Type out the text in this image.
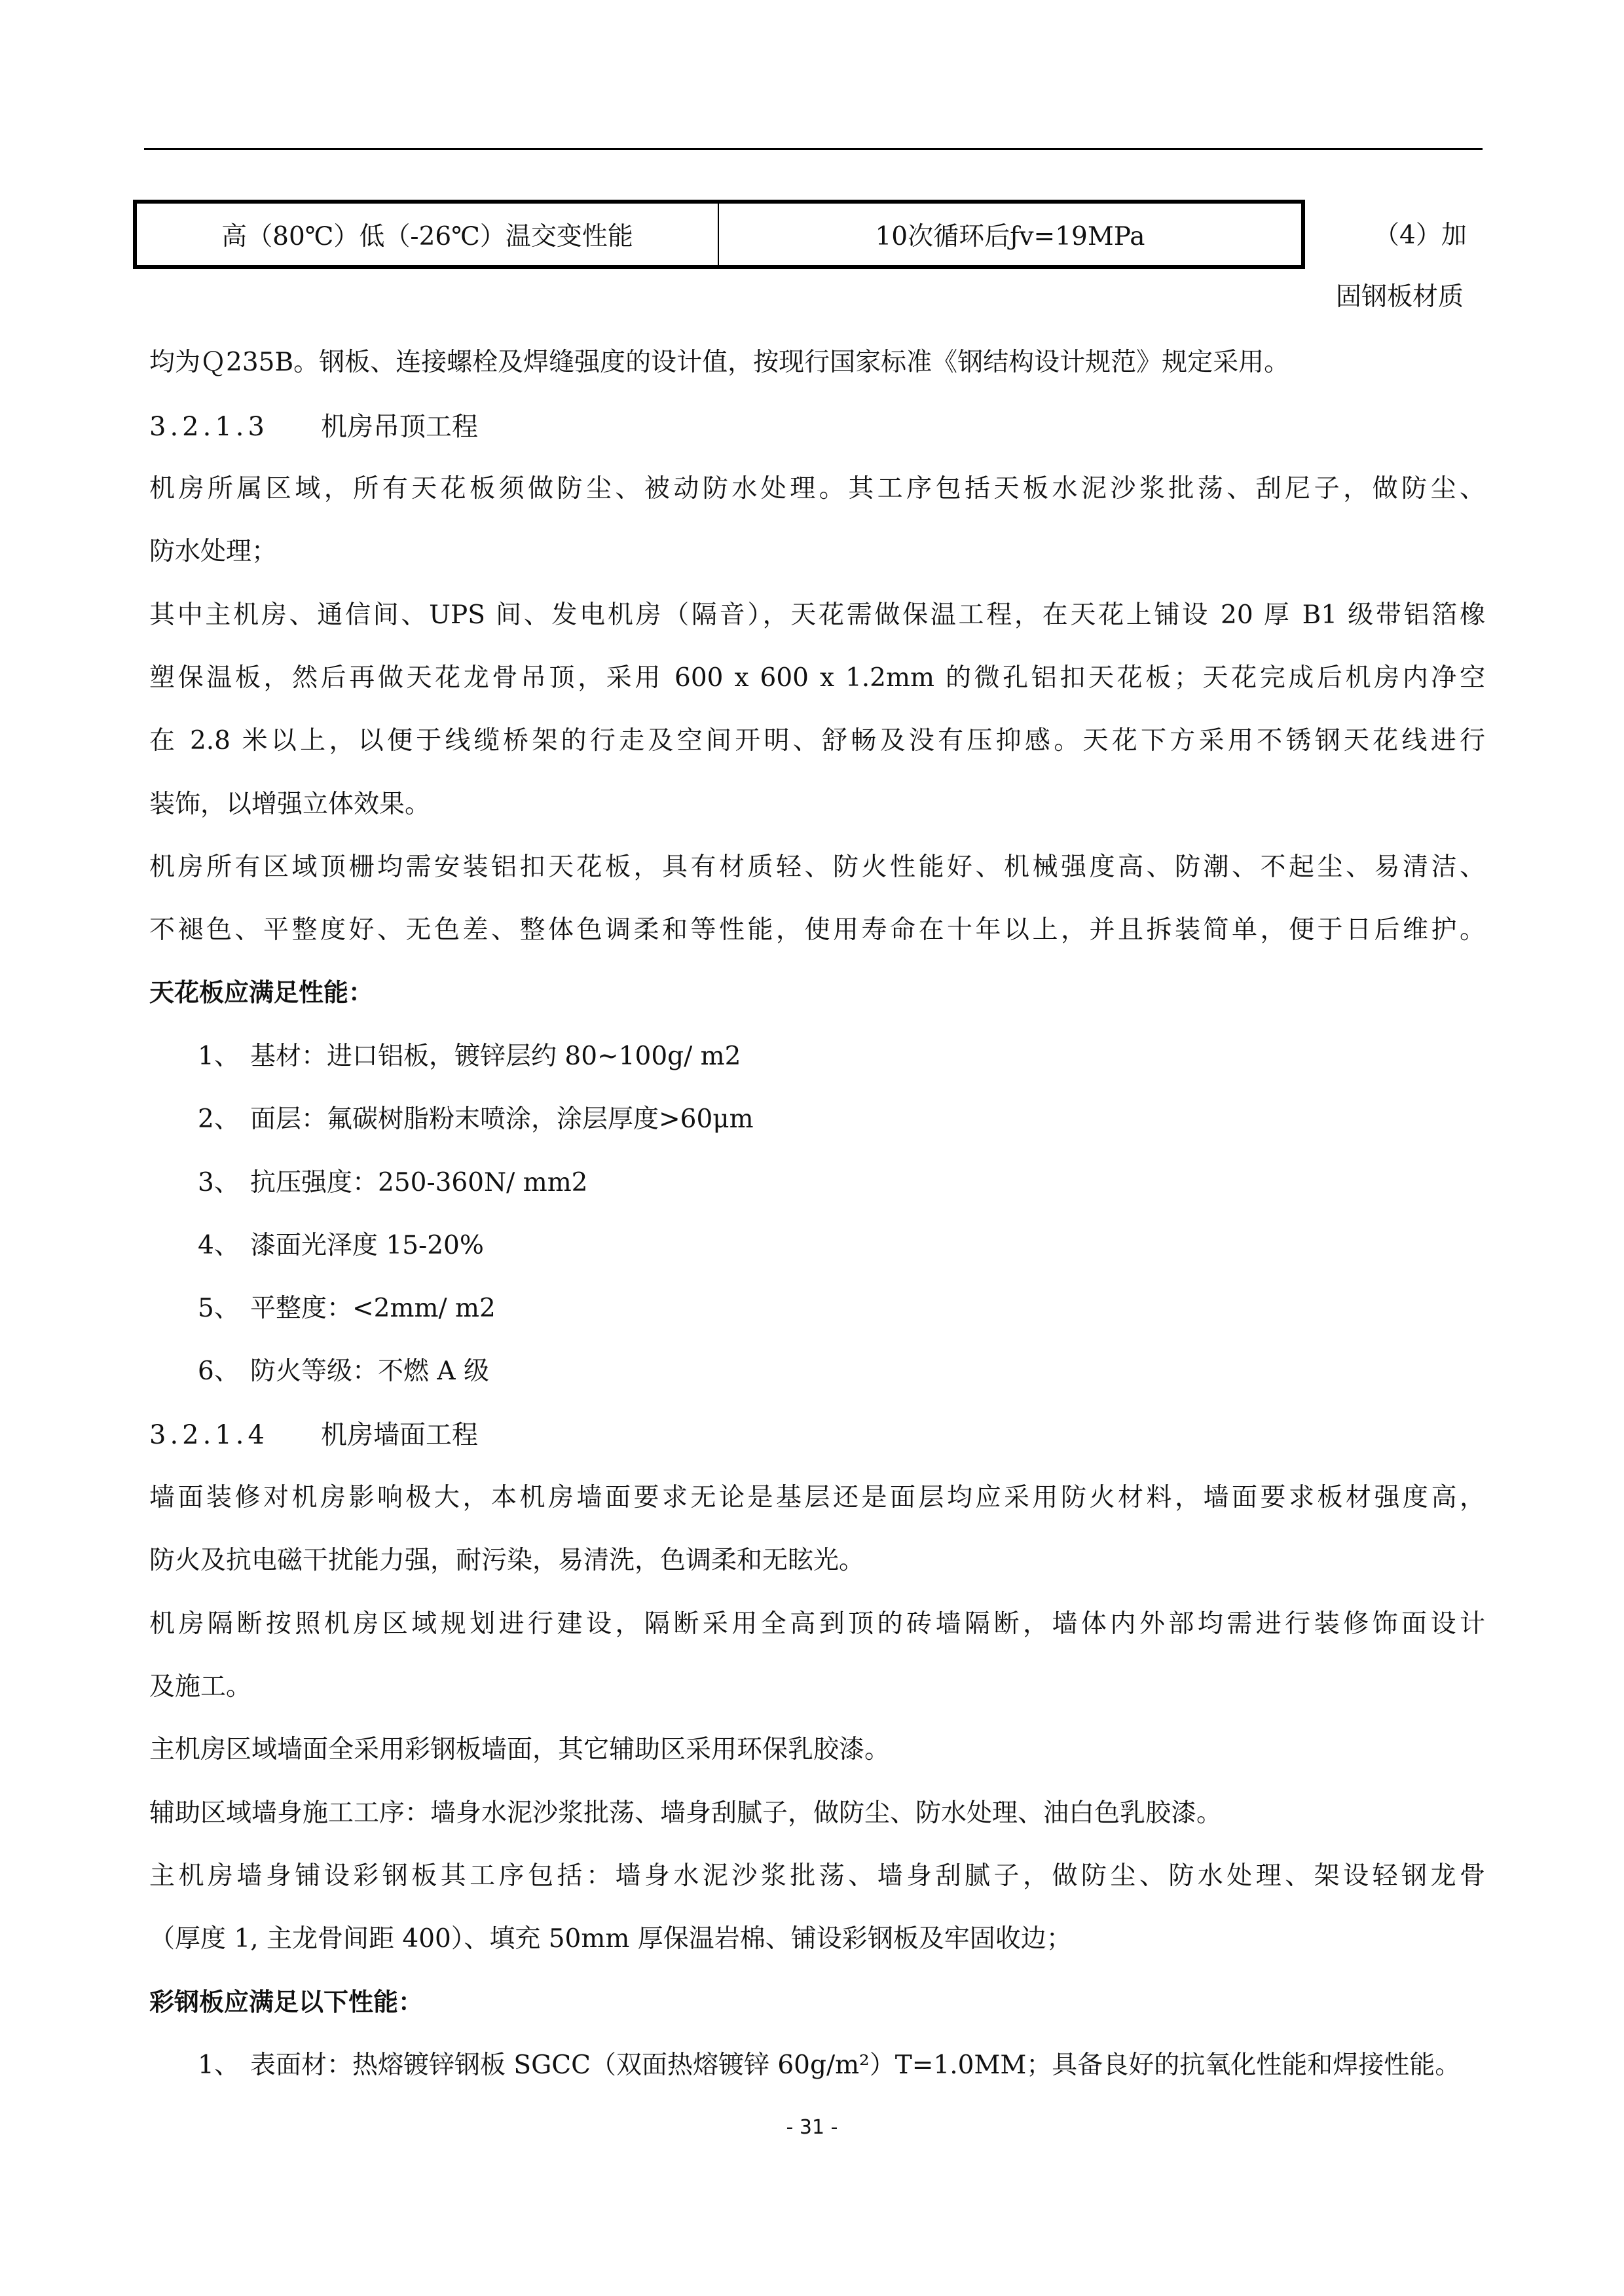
高（80℃）低（-26℃）温交变性能	10次循环后ƒv=19MPa	（4）加
固钢板材质
均为Ｑ235B。钢板、连接螺栓及焊缝强度的设计值，按现行国家标准《钢结构设计规范》规定采用。
3.2.1.3 机房吊顶工程
机房所属区域，所有天花板须做防尘、被动防水处理。其工序包括天板水泥沙浆批荡、刮尼子，做防尘、
防水处理；
其中主机房、通信间、UPS 间、发电机房（隔音），天花需做保温工程，在天花上铺设 20 厚 B1 级带铝箔橡
塑保温板，然后再做天花龙骨吊顶，采用 600 x 600 x 1.2mm 的微孔铝扣天花板；天花完成后机房内净空
在 2.8 米以上，以便于线缆桥架的行走及空间开明、舒畅及没有压抑感。天花下方采用不锈钢天花线进行
装饰，以增强立体效果。
机房所有区域顶栅均需安装铝扣天花板，具有材质轻、防火性能好、机械强度高、防潮、不起尘、易清洁、
不褪色、平整度好、无色差、整体色调柔和等性能，使用寿命在十年以上，并且拆装简单，便于日后维护。
天花板应满足性能：
1、 基材：进口铝板，镀锌层约 80~100g/ m2
2、 面层：氟碳树脂粉末喷涂，涂层厚度>60μm
3、 抗压强度：250-360N/ mm2
4、 漆面光泽度 15-20%
5、 平整度：<2mm/ m2
6、 防火等级：不燃 A 级
3.2.1.4 机房墙面工程
墙面装修对机房影响极大，本机房墙面要求无论是基层还是面层均应采用防火材料，墙面要求板材强度高，
防火及抗电磁干扰能力强，耐污染，易清洗，色调柔和无眩光。
机房隔断按照机房区域规划进行建设，隔断采用全高到顶的砖墙隔断，墙体内外部均需进行装修饰面设计
及施工。
主机房区域墙面全采用彩钢板墙面，其它辅助区采用环保乳胶漆。
辅助区域墙身施工工序：墙身水泥沙浆批荡、墙身刮腻子，做防尘、防水处理、油白色乳胶漆。
主机房墙身铺设彩钢板其工序包括：墙身水泥沙浆批荡、墙身刮腻子，做防尘、防水处理、架设轻钢龙骨
（厚度 1, 主龙骨间距 400）、填充 50mm 厚保温岩棉、铺设彩钢板及牢固收边；
彩钢板应满足以下性能：
1、 表面材：热熔镀锌钢板 SGCC（双面热熔镀锌 60g/m²）T=1.0MM；具备良好的抗氧化性能和焊接性能。
- 31 -
